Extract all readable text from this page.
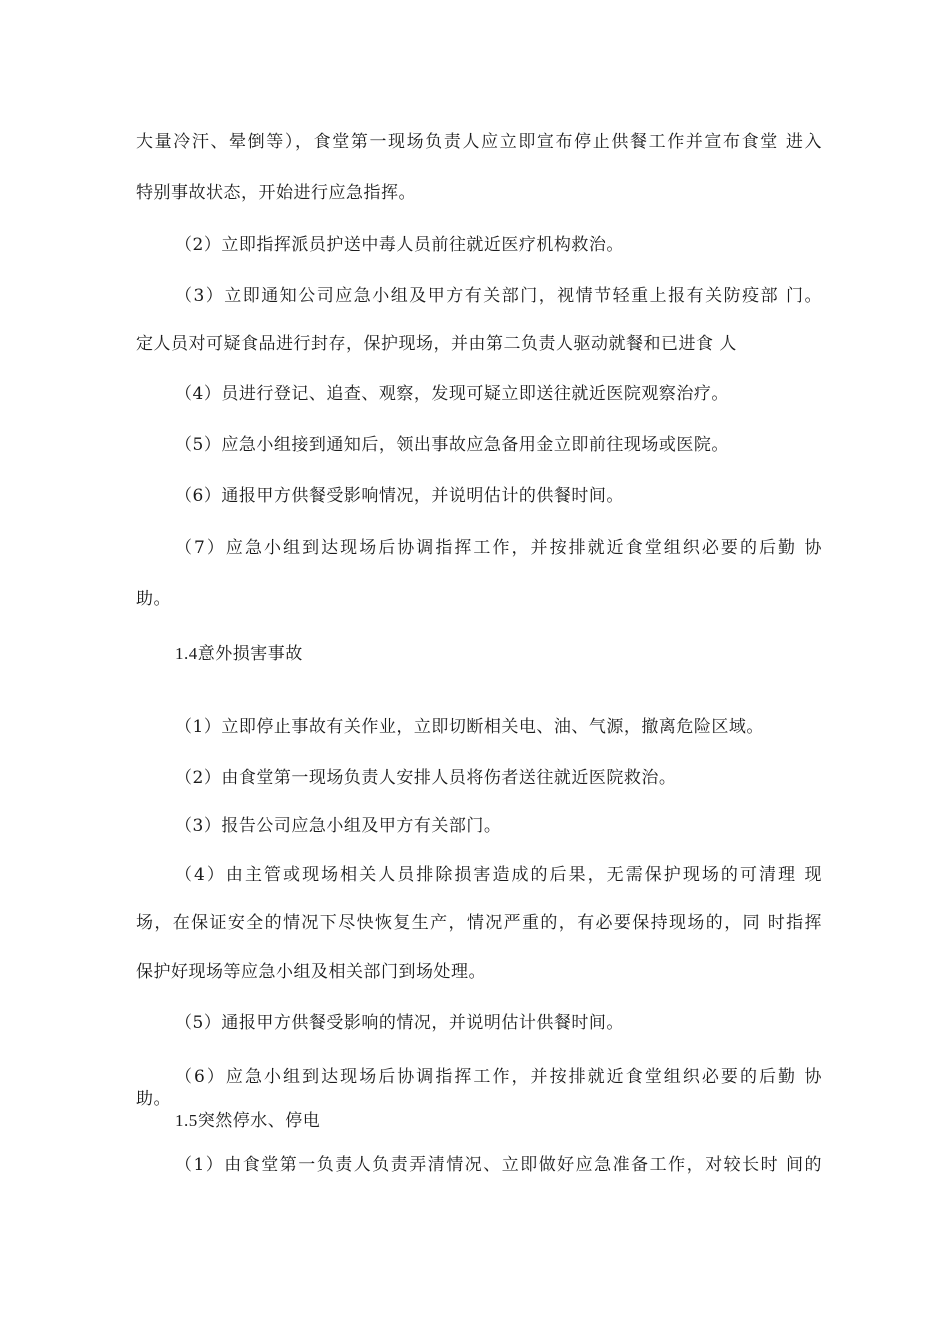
大量冷汗、晕倒等），食堂第一现场负责人应立即宣布停止供餐工作并宣布食堂 进入

特别事故状态，开始进行应急指挥。

（2）立即指挥派员护送中毒人员前往就近医疗机构救治。

（3）立即通知公司应急小组及甲方有关部门，视情节轻重上报有关防疫部 门。

定人员对可疑食品进行封存，保护现场，并由第二负责人驱动就餐和已进食 人

（4）员进行登记、追查、观察，发现可疑立即送往就近医院观察治疗。

（5）应急小组接到通知后，领出事故应急备用金立即前往现场或医院。

（6）通报甲方供餐受影响情况，并说明估计的供餐时间。

（7）应急小组到达现场后协调指挥工作，并按排就近食堂组织必要的后勤 协

助。

1.4意外损害事故

（1）立即停止事故有关作业，立即切断相关电、油、气源，撤离危险区域。

（2）由食堂第一现场负责人安排人员将伤者送往就近医院救治。

（3）报告公司应急小组及甲方有关部门。

（4）由主管或现场相关人员排除损害造成的后果，无需保护现场的可清理 现

场，在保证安全的情况下尽快恢复生产，情况严重的，有必要保持现场的，同 时指挥

保护好现场等应急小组及相关部门到场处理。

（5）通报甲方供餐受影响的情况，并说明估计供餐时间。

（6）应急小组到达现场后协调指挥工作，并按排就近食堂组织必要的后勤 协

助。

1.5突然停水、停电

（1）由食堂第一负责人负责弄清情况、立即做好应急准备工作，对较长时 间的
